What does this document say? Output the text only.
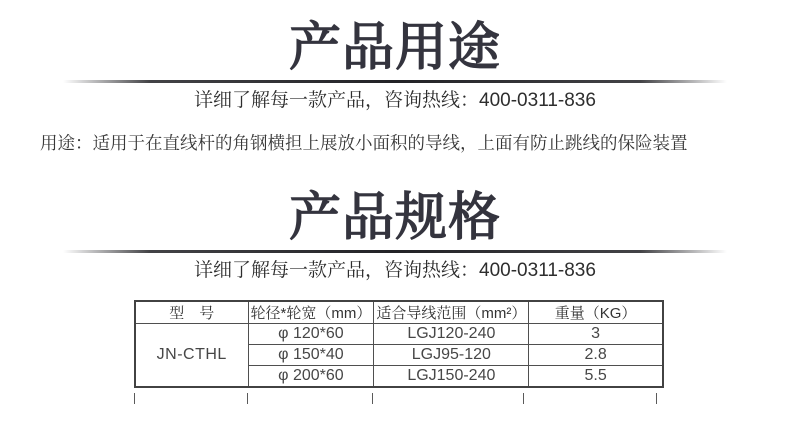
产品用途

详细了解每一款产品，咨询热线：400-0311-836

用途：适用于在直线杆的角钢横担上展放小面积的导线，上面有防止跳线的保险装置

产品规格

详细了解每一款产品，咨询热线：400-0311-836

型　号	轮径*轮宽（mm）	适合导线范围（mm²）	重量（KG）
JN-CTHL	φ 120*60	LGJ120-240	3
	φ 150*40	LGJ95-120	2.8
	φ 200*60	LGJ150-240	5.5
